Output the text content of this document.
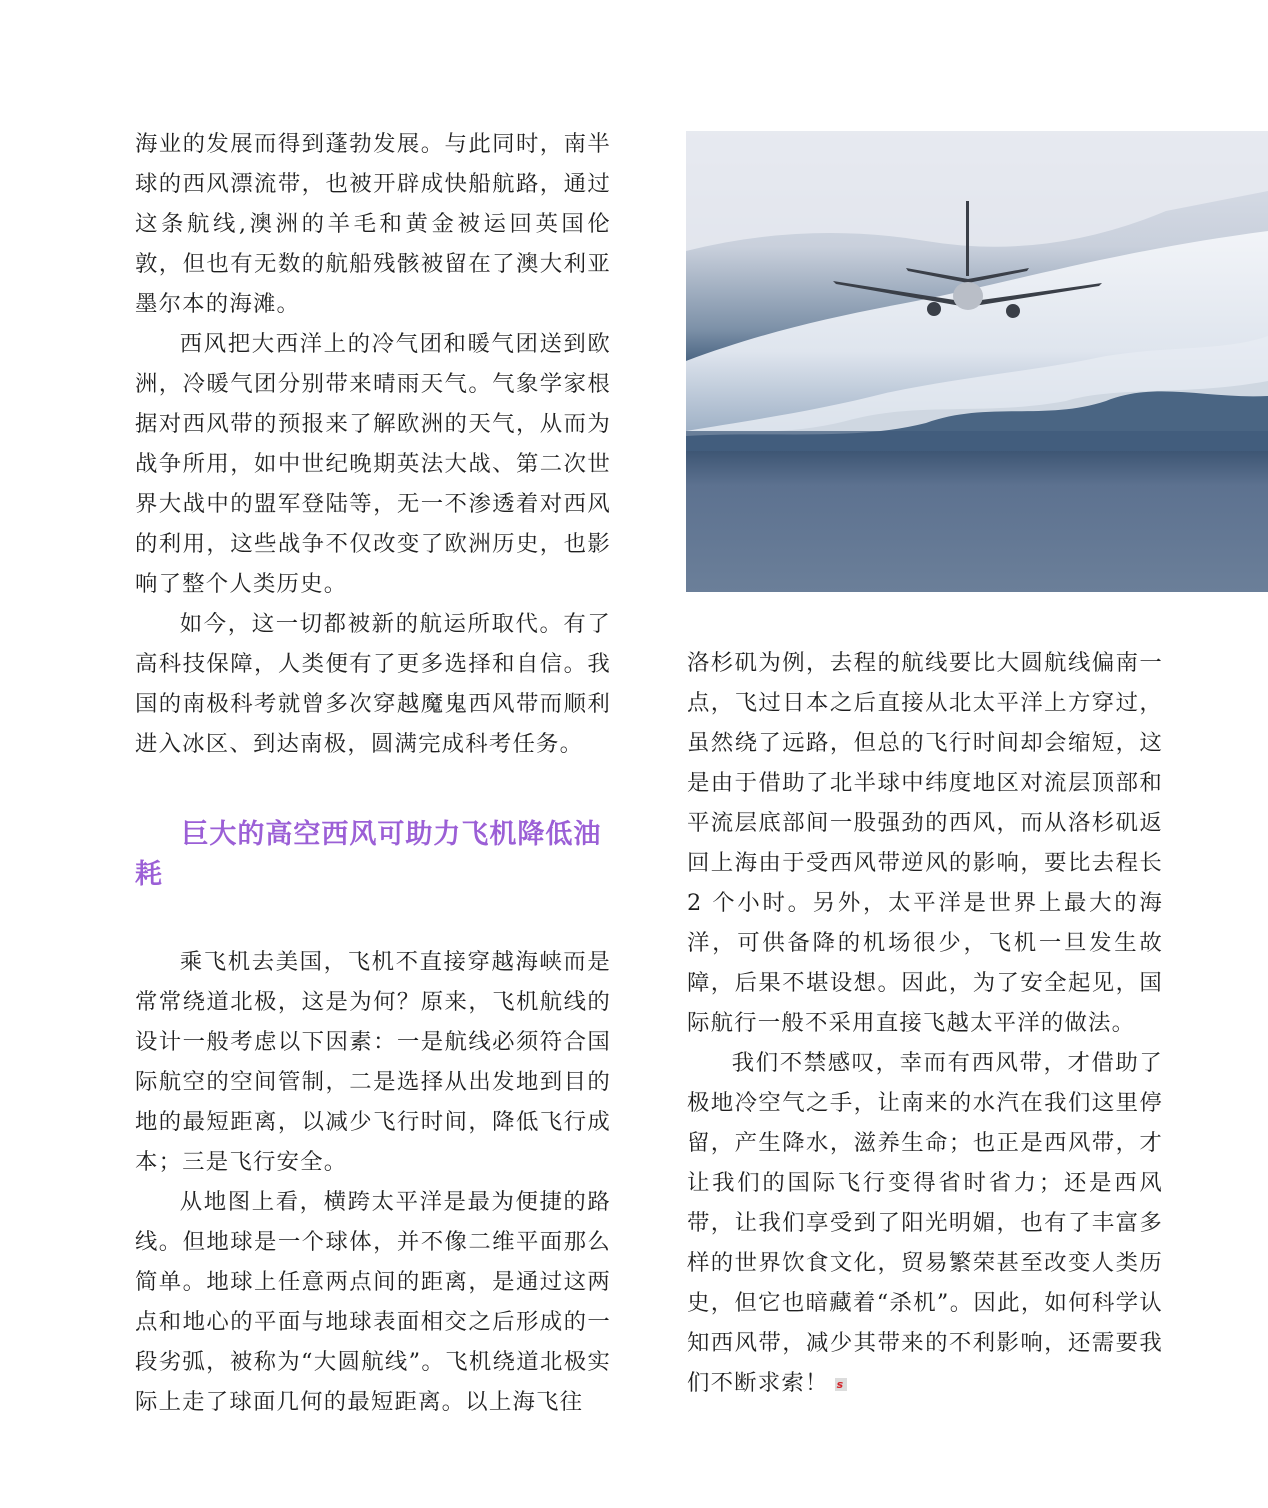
海业的发展而得到蓬勃发展。与此同时，南半球的西风漂流带，也被开辟成快船航路，通过这条航线,澳洲的羊毛和黄金被运回英国伦敦，但也有无数的航船残骸被留在了澳大利亚墨尔本的海滩。

西风把大西洋上的冷气团和暖气团送到欧洲，冷暖气团分别带来晴雨天气。气象学家根据对西风带的预报来了解欧洲的天气，从而为战争所用，如中世纪晚期英法大战、第二次世界大战中的盟军登陆等，无一不渗透着对西风的利用，这些战争不仅改变了欧洲历史，也影响了整个人类历史。

如今，这一切都被新的航运所取代。有了高科技保障，人类便有了更多选择和自信。我国的南极科考就曾多次穿越魔鬼西风带而顺利进入冰区、到达南极，圆满完成科考任务。

巨大的高空西风可助力飞机降低油耗

乘飞机去美国，飞机不直接穿越海峡而是常常绕道北极，这是为何？原来，飞机航线的设计一般考虑以下因素：一是航线必须符合国际航空的空间管制，二是选择从出发地到目的地的最短距离，以减少飞行时间，降低飞行成本；三是飞行安全。

从地图上看，横跨太平洋是最为便捷的路线。但地球是一个球体，并不像二维平面那么简单。地球上任意两点间的距离，是通过这两点和地心的平面与地球表面相交之后形成的一段劣弧，被称为“大圆航线”。飞机绕道北极实际上走了球面几何的最短距离。以上海飞往

洛杉矶为例，去程的航线要比大圆航线偏南一点，飞过日本之后直接从北太平洋上方穿过，虽然绕了远路，但总的飞行时间却会缩短，这是由于借助了北半球中纬度地区对流层顶部和平流层底部间一股强劲的西风，而从洛杉矶返回上海由于受西风带逆风的影响，要比去程长 2 个小时。另外，太平洋是世界上最大的海洋，可供备降的机场很少，飞机一旦发生故障，后果不堪设想。因此，为了安全起见，国际航行一般不采用直接飞越太平洋的做法。

我们不禁感叹，幸而有西风带，才借助了极地冷空气之手，让南来的水汽在我们这里停留，产生降水，滋养生命；也正是西风带，才让我们的国际飞行变得省时省力；还是西风带，让我们享受到了阳光明媚，也有了丰富多样的世界饮食文化，贸易繁荣甚至改变人类历史，但它也暗藏着“杀机”。因此，如何科学认知西风带，减少其带来的不利影响，还需要我们不断求索！ s
